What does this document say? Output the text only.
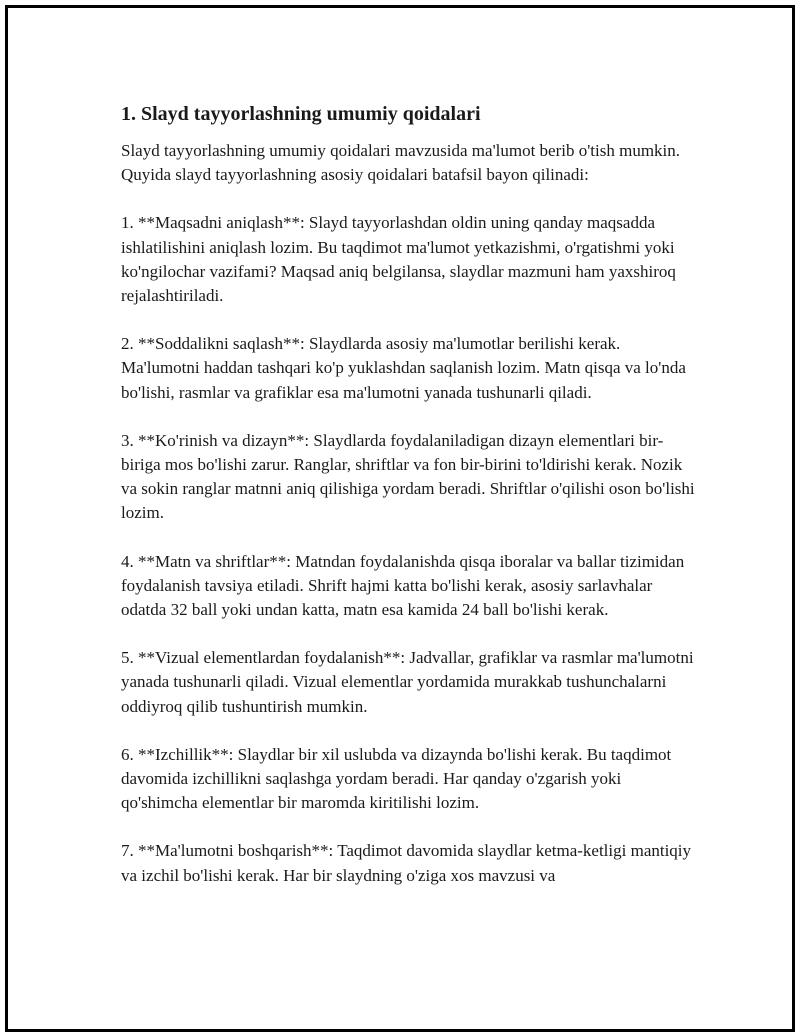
1. Slayd tayyorlashning umumiy qoidalari

Slayd tayyorlashning umumiy qoidalari mavzusida ma'lumot berib o'tish mumkin. Quyida slayd tayyorlashning asosiy qoidalari batafsil bayon qilinadi:

1. **Maqsadni aniqlash**: Slayd tayyorlashdan oldin uning qanday maqsadda ishlatilishini aniqlash lozim. Bu taqdimot ma'lumot yetkazishmi, o'rgatishmi yoki ko'ngilochar vazifami? Maqsad aniq belgilansa, slaydlar mazmuni ham yaxshiroq rejalashtiriladi.

2. **Soddalikni saqlash**: Slaydlarda asosiy ma'lumotlar berilishi kerak. Ma'lumotni haddan tashqari ko'p yuklashdan saqlanish lozim. Matn qisqa va lo'nda bo'lishi, rasmlar va grafiklar esa ma'lumotni yanada tushunarli qiladi.

3. **Ko'rinish va dizayn**: Slaydlarda foydalaniladigan dizayn elementlari bir-biriga mos bo'lishi zarur. Ranglar, shriftlar va fon bir-birini to'ldirishi kerak. Nozik va sokin ranglar matnni aniq qilishiga yordam beradi. Shriftlar o'qilishi oson bo'lishi lozim.

4. **Matn va shriftlar**: Matndan foydalanishda qisqa iboralar va ballar tizimidan foydalanish tavsiya etiladi. Shrift hajmi katta bo'lishi kerak, asosiy sarlavhalar odatda 32 ball yoki undan katta, matn esa kamida 24 ball bo'lishi kerak.

5. **Vizual elementlardan foydalanish**: Jadvallar, grafiklar va rasmlar ma'lumotni yanada tushunarli qiladi. Vizual elementlar yordamida murakkab tushunchalarni oddiyroq qilib tushuntirish mumkin.

6. **Izchillik**: Slaydlar bir xil uslubda va dizaynda bo'lishi kerak. Bu taqdimot davomida izchillikni saqlashga yordam beradi. Har qanday o'zgarish yoki qo'shimcha elementlar bir maromda kiritilishi lozim.

7. **Ma'lumotni boshqarish**: Taqdimot davomida slaydlar ketma-ketligi mantiqiy va izchil bo'lishi kerak. Har bir slaydning o'ziga xos mavzusi va
